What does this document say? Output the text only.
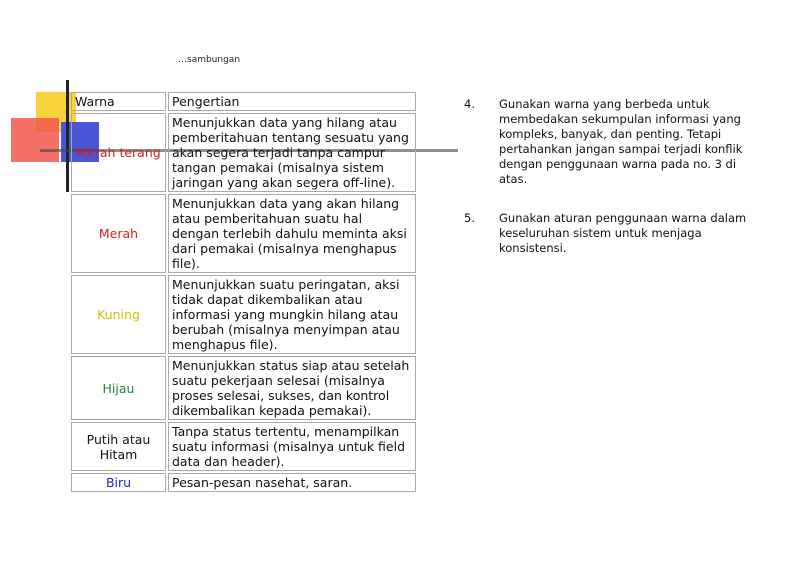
…sambungan
Warna	Pengertian
Merah terang	Menunjukkan data yang hilang atau pemberitahuan tentang sesuatu yang akan segera terjadi tanpa campur tangan pemakai (misalnya sistem jaringan yang akan segera off-line).
Merah	Menunjukkan data yang akan hilang atau pemberitahuan suatu hal dengan terlebih dahulu meminta aksi dari pemakai (misalnya menghapus file).
Kuning	Menunjukkan suatu peringatan, aksi tidak dapat dikembalikan atau informasi yang mungkin hilang atau berubah (misalnya menyimpan atau menghapus file).
Hijau	Menunjukkan status siap atau setelah suatu pekerjaan selesai (misalnya proses selesai, sukses, dan kontrol dikembalikan kepada pemakai).
Putih atau Hitam	Tanpa status tertentu, menampilkan suatu informasi (misalnya untuk field data dan header).
Biru	Pesan-pesan nasehat, saran.
4.	Gunakan warna yang berbeda untuk membedakan sekumpulan informasi yang kompleks, banyak, dan penting. Tetapi pertahankan jangan sampai terjadi konflik dengan penggunaan warna pada no. 3 di atas.
5.	Gunakan aturan penggunaan warna dalam keseluruhan sistem untuk menjaga konsistensi.
